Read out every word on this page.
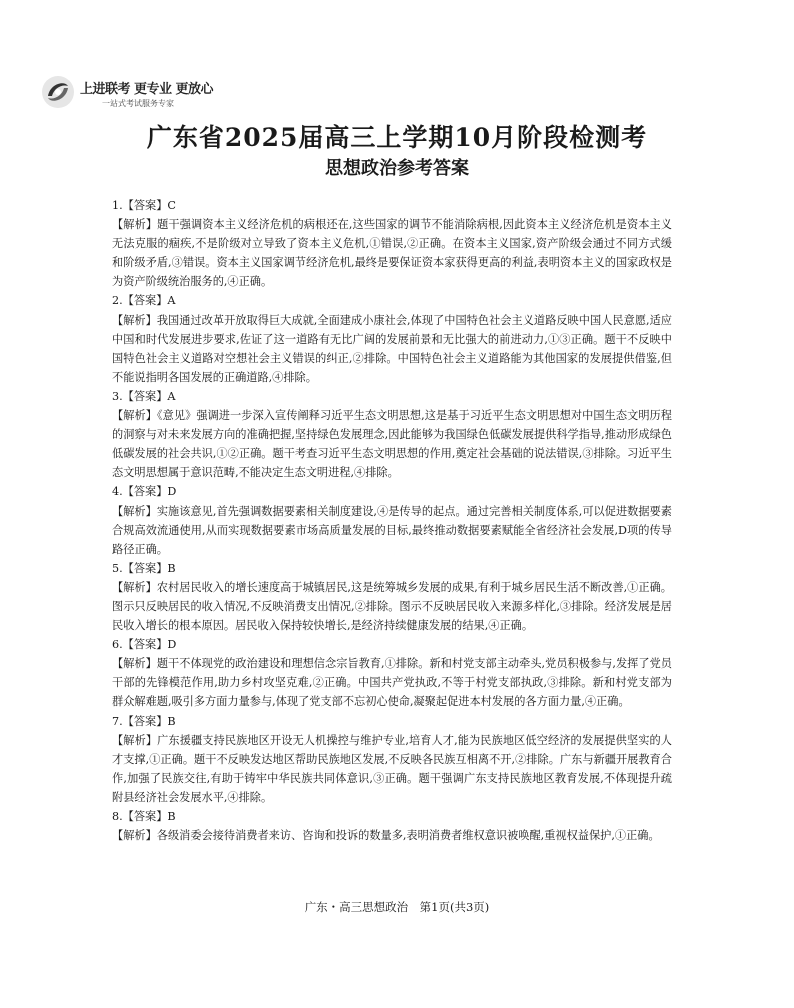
上进联考 更专业 更放心
一站式考试服务专家
广东省2025届高三上学期10月阶段检测考
思想政治参考答案

1.【答案】C

【解析】题干强调资本主义经济危机的病根还在,这些国家的调节不能消除病根,因此资本主义经济危机是资本主义无法克服的痼疾,不是阶级对立导致了资本主义危机,①错误,②正确。在资本主义国家,资产阶级会通过不同方式缓和阶级矛盾,③错误。资本主义国家调节经济危机,最终是要保证资本家获得更高的利益,表明资本主义的国家政权是为资产阶级统治服务的,④正确。

2.【答案】A

【解析】我国通过改革开放取得巨大成就,全面建成小康社会,体现了中国特色社会主义道路反映中国人民意愿,适应中国和时代发展进步要求,佐证了这一道路有无比广阔的发展前景和无比强大的前进动力,①③正确。题干不反映中国特色社会主义道路对空想社会主义错误的纠正,②排除。中国特色社会主义道路能为其他国家的发展提供借鉴,但不能说指明各国发展的正确道路,④排除。

3.【答案】A

【解析】《意见》强调进一步深入宣传阐释习近平生态文明思想,这是基于习近平生态文明思想对中国生态文明历程的洞察与对未来发展方向的准确把握,坚持绿色发展理念,因此能够为我国绿色低碳发展提供科学指导,推动形成绿色低碳发展的社会共识,①②正确。题干考查习近平生态文明思想的作用,奠定社会基础的说法错误,③排除。习近平生态文明思想属于意识范畴,不能决定生态文明进程,④排除。

4.【答案】D

【解析】实施该意见,首先强调数据要素相关制度建设,④是传导的起点。通过完善相关制度体系,可以促进数据要素合规高效流通使用,从而实现数据要素市场高质量发展的目标,最终推动数据要素赋能全省经济社会发展,D项的传导路径正确。

5.【答案】B

【解析】农村居民收入的增长速度高于城镇居民,这是统筹城乡发展的成果,有利于城乡居民生活不断改善,①正确。图示只反映居民的收入情况,不反映消费支出情况,②排除。图示不反映居民收入来源多样化,③排除。经济发展是居民收入增长的根本原因。居民收入保持较快增长,是经济持续健康发展的结果,④正确。

6.【答案】D

【解析】题干不体现党的政治建设和理想信念宗旨教育,①排除。新和村党支部主动牵头,党员积极参与,发挥了党员干部的先锋模范作用,助力乡村攻坚克难,②正确。中国共产党执政,不等于村党支部执政,③排除。新和村党支部为群众解难题,吸引多方面力量参与,体现了党支部不忘初心使命,凝聚起促进本村发展的各方面力量,④正确。

7.【答案】B

【解析】广东援疆支持民族地区开设无人机操控与维护专业,培育人才,能为民族地区低空经济的发展提供坚实的人才支撑,①正确。题干不反映发达地区帮助民族地区发展,不反映各民族互相离不开,②排除。广东与新疆开展教育合作,加强了民族交往,有助于铸牢中华民族共同体意识,③正确。题干强调广东支持民族地区教育发展,不体现提升疏附县经济社会发展水平,④排除。

8.【答案】B

【解析】各级消委会接待消费者来访、咨询和投诉的数量多,表明消费者维权意识被唤醒,重视权益保护,①正确。

广东・高三思想政治　第1页(共3页)
